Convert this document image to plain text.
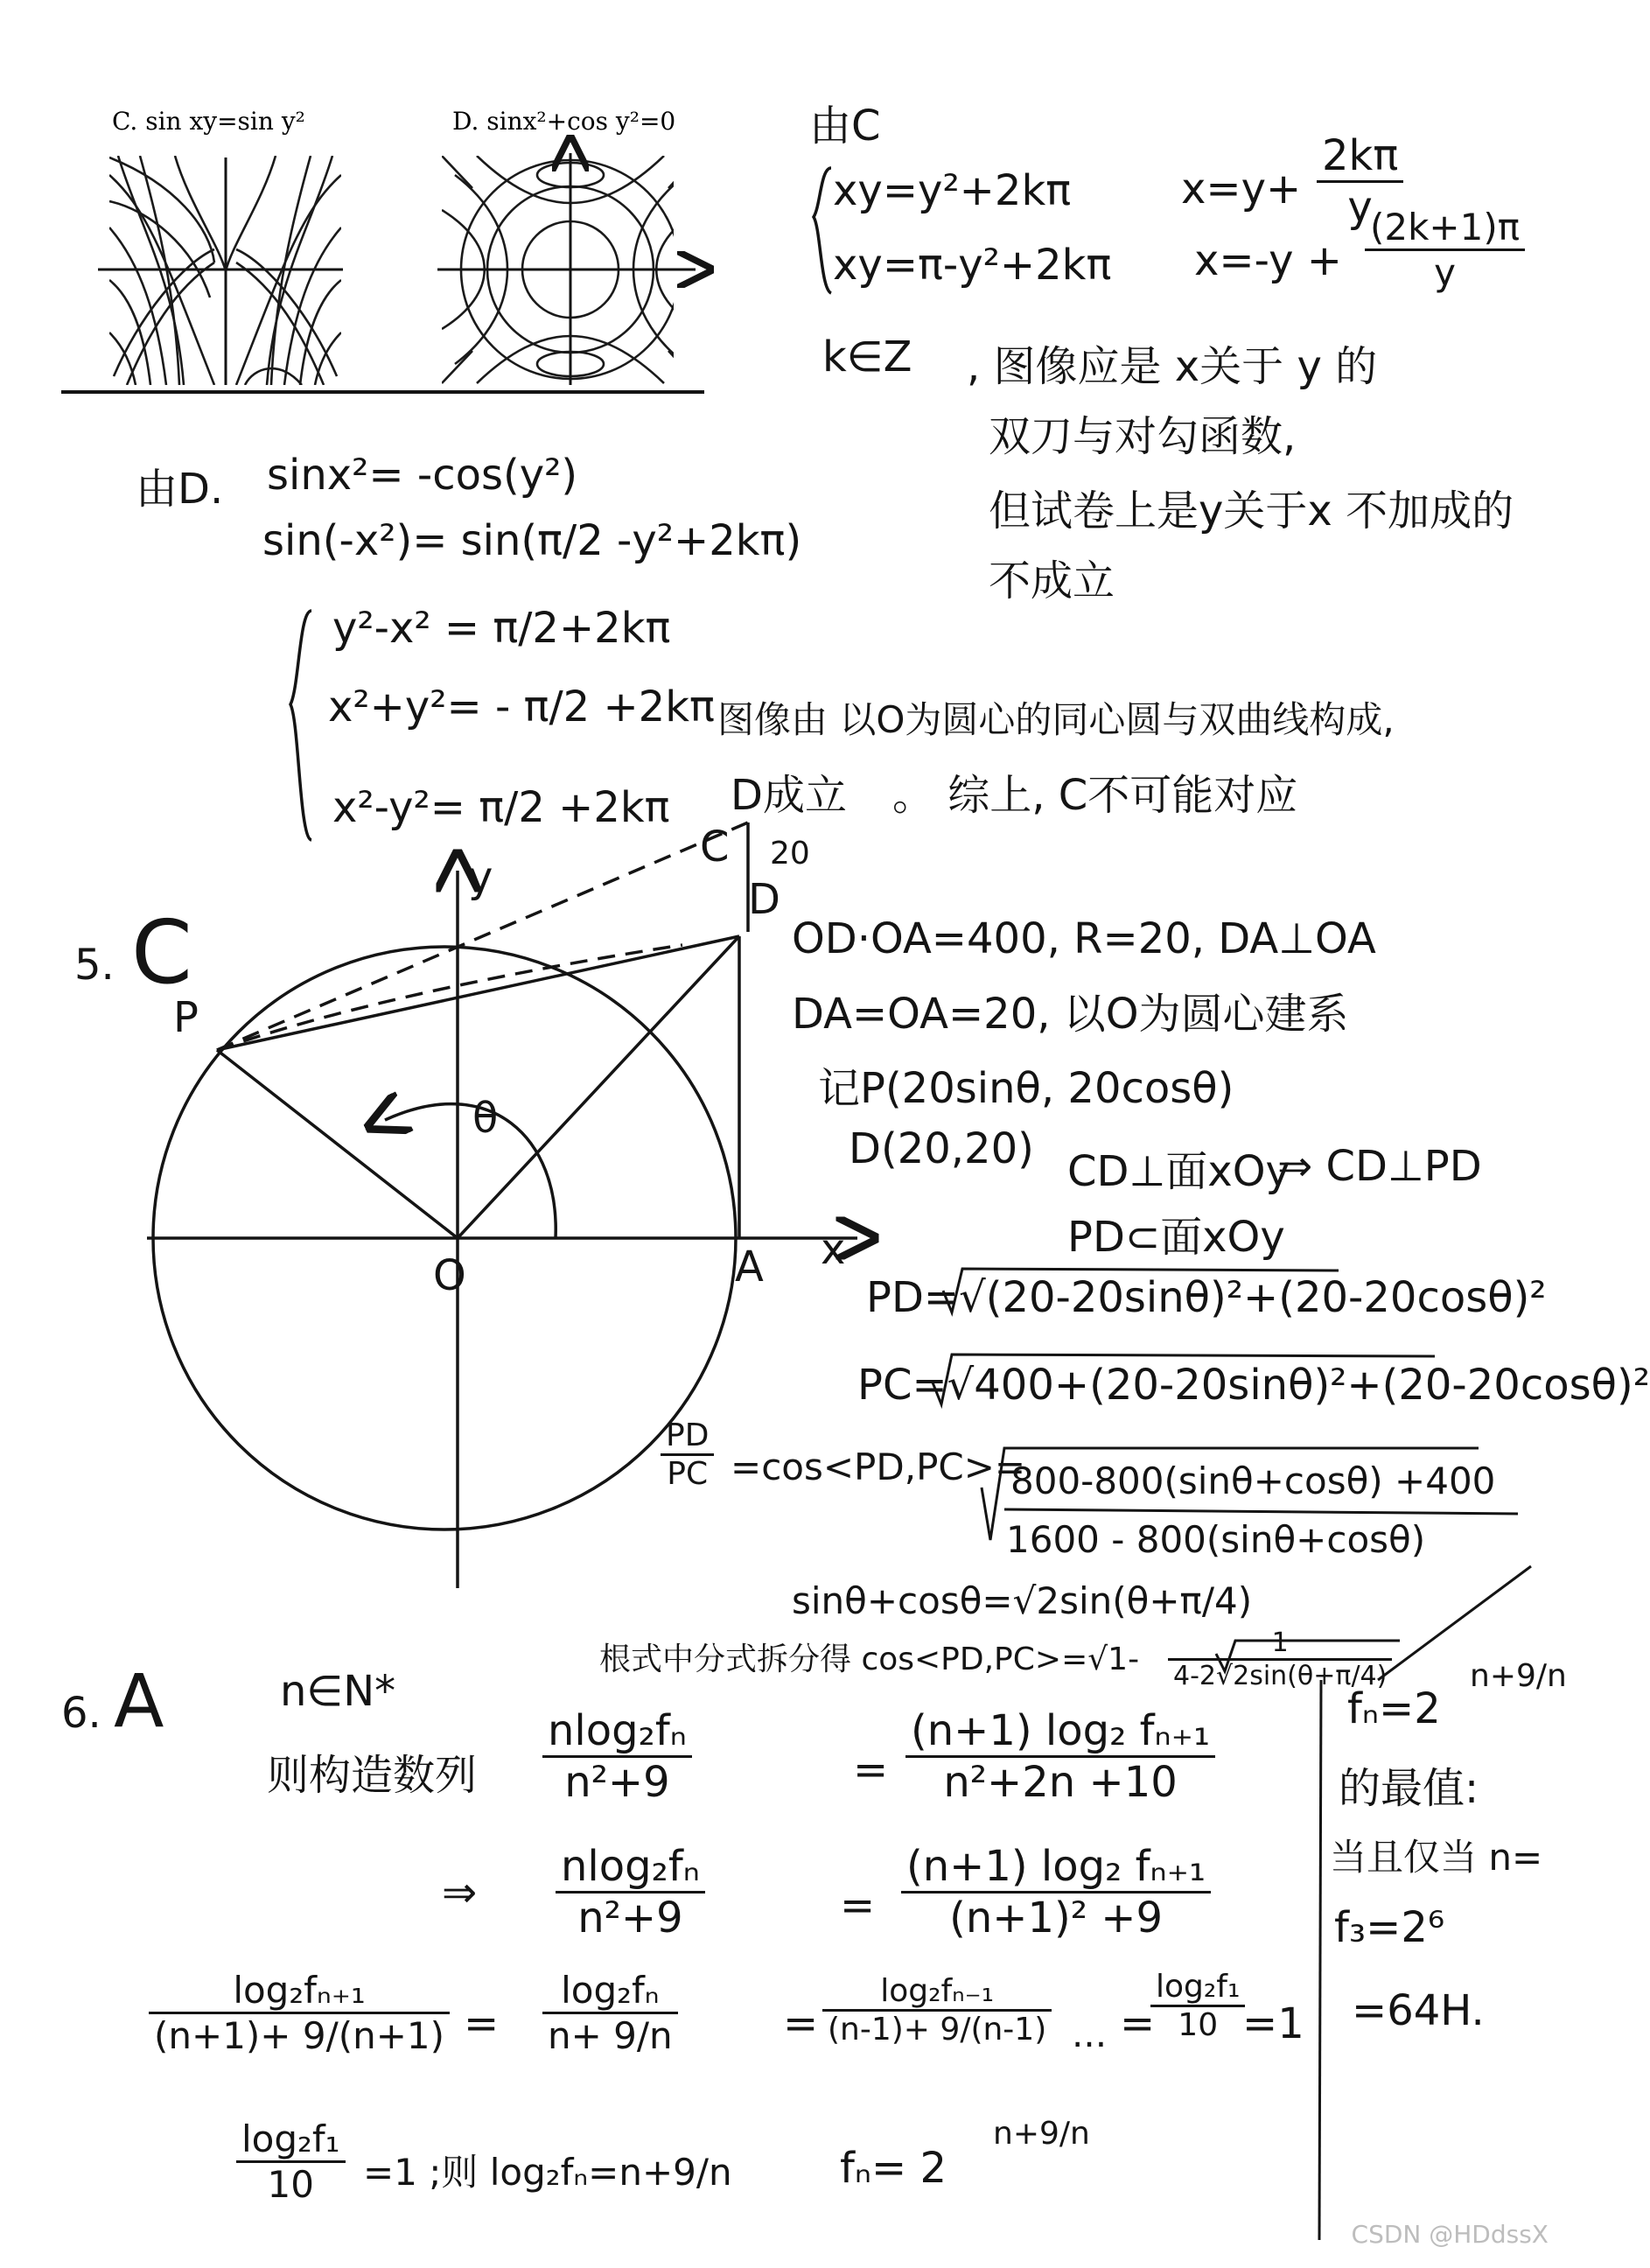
C. sin xy=sin y²	D. sinx²+cos y²=0	由C
xy=y²+2kπ
xy=π-y²+2kπ
$x=y+ \frac{2k\pi}{y}$
$x=-y + \frac{(2k+1)\pi}{y}$
k∈Z , 图像应是 x关于 y 的
双刀与对勾函数,
但试卷上是y关于x 不加成的
不成立
由D. sinx²= -cos(y²)
sin(-x²)= sin(π/2 -y²+2kπ)
y²-x² = π/2+2kπ
x²+y²= - π/2 +2kπ
x²-y²= π/2 +2kπ
图像由 以O为圆心的同心圆与双曲线构成,
D成立 。 综上, C不可能对应
5. C
P
y
x
O	A
D
C 20
θ
OD·OA=400, R=20, DA⊥OA
DA=OA=20, 以O为圆心建系
记P(20sinθ, 20cosθ)
D(20,20) CD⊥面xOy
PD⊂面xOy
⇒ CD⊥PD
PD=√(20-20sinθ)²+(20-20cosθ)²
PC=√400+(20-20sinθ)²+(20-20cosθ)²
$\frac{PD}{PC} =\cos<PD,PC>=$
800-800(sinθ+cosθ) +400
1600 - 800(sinθ+cosθ)
sinθ+cosθ=√2sin(θ+π/4)
根式中分式拆分得 $\cos<PD,PC>=√1- \frac{1}{4-2√2\sin(\theta+\pi/4)}$
6. A	n∈N*
则构造数列 $\frac{\text{nlog₂fₙ}}{\text{n²+9}}$	= $\frac{\text{(n+1) log₂ fₙ₊₁}}{\text{n²+2n +10}}$
⇒ $\frac{\text{nlog₂fₙ}}{\text{n²+9}}$	= $\frac{\text{(n+1) log₂ fₙ₊₁}}{\text{(n+1)² +9}}$
$\frac{\text{log₂fₙ₊₁}}{(n+1)+ 9/(n+1)} = \frac{\text{log₂fₙ}}{n+ 9/n}$	= $\frac{\text{log₂fₙ₋₁}}{(n-1)+ 9/(n-1)}$ ... =
$\frac{\text{log₂f₁}}{10}$
=1
$\frac{\text{log₂f₁}}{10} =1$ ;则 log₂fₙ=n+9/n	fₙ= 2
n+9/n
fₙ=2
n+9/n
的最值:
当且仅当 n=
f₃=2⁶
=64H.
CSDN @HDdssX
